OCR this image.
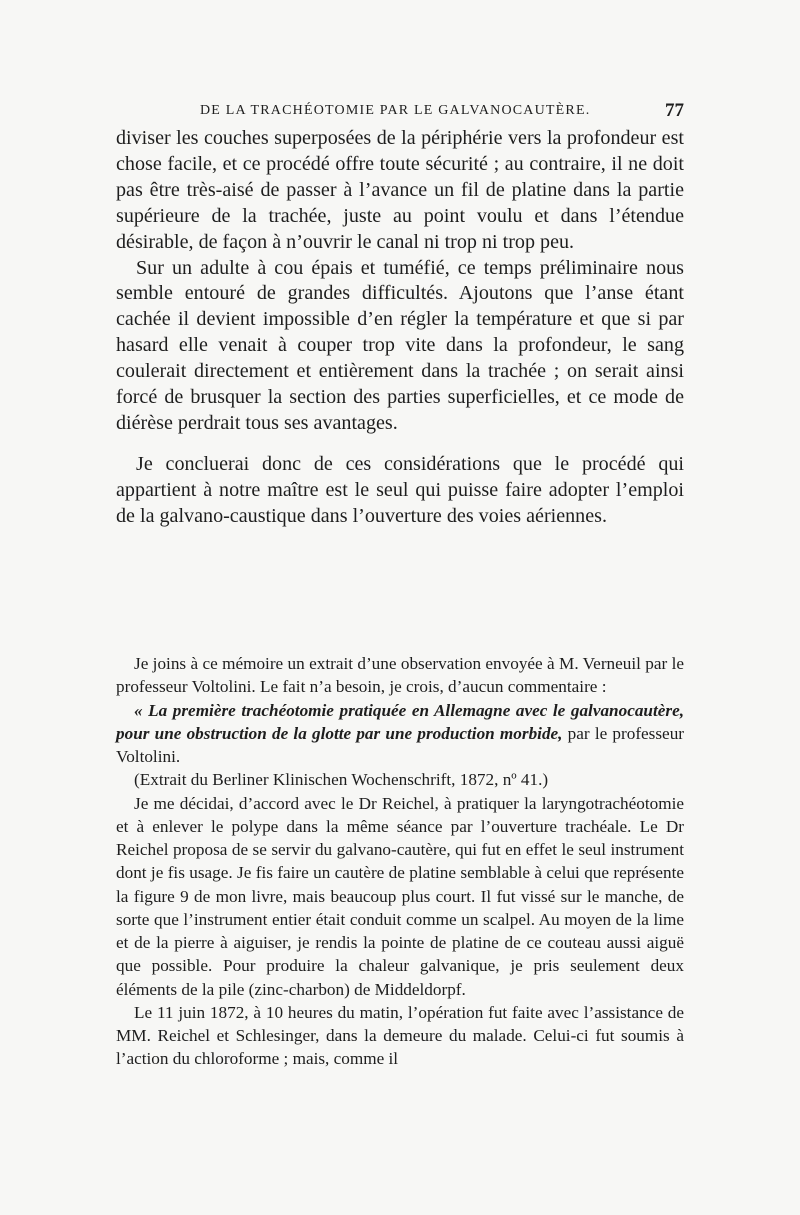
DE LA TRACHÉOTOMIE PAR LE GALVANOCAUTÈRE.	77

diviser les couches superposées de la périphérie vers la profondeur est chose facile, et ce procédé offre toute sécurité ; au contraire, il ne doit pas être très-aisé de passer à l’avance un fil de platine dans la partie supérieure de la trachée, juste au point voulu et dans l’étendue désirable, de façon à n’ouvrir le canal ni trop ni trop peu.

Sur un adulte à cou épais et tuméfié, ce temps préliminaire nous semble entouré de grandes difficultés. Ajoutons que l’anse étant cachée il devient impossible d’en régler la température et que si par hasard elle venait à couper trop vite dans la profondeur, le sang coulerait directement et entièrement dans la trachée ; on serait ainsi forcé de brusquer la section des parties superficielles, et ce mode de diérèse perdrait tous ses avantages.

Je concluerai donc de ces considérations que le procédé qui appartient à notre maître est le seul qui puisse faire adopter l’emploi de la galvano-caustique dans l’ouverture des voies aériennes.

Je joins à ce mémoire un extrait d’une observation envoyée à M. Verneuil par le professeur Voltolini. Le fait n’a besoin, je crois, d’aucun commentaire :

« La première trachéotomie pratiquée en Allemagne avec le galvanocautère, pour une obstruction de la glotte par une production morbide, par le professeur Voltolini.

(Extrait du Berliner Klinischen Wochenschrift, 1872, nº 41.)

Je me décidai, d’accord avec le Dr Reichel, à pratiquer la laryngotrachéotomie et à enlever le polype dans la même séance par l’ouverture trachéale. Le Dr Reichel proposa de se servir du galvano-cautère, qui fut en effet le seul instrument dont je fis usage. Je fis faire un cautère de platine semblable à celui que représente la figure 9 de mon livre, mais beaucoup plus court. Il fut vissé sur le manche, de sorte que l’instrument entier était conduit comme un scalpel. Au moyen de la lime et de la pierre à aiguiser, je rendis la pointe de platine de ce couteau aussi aiguë que possible. Pour produire la chaleur galvanique, je pris seulement deux éléments de la pile (zinc-charbon) de Middeldorpf.

Le 11 juin 1872, à 10 heures du matin, l’opération fut faite avec l’assistance de MM. Reichel et Schlesinger, dans la demeure du malade. Celui-ci fut soumis à l’action du chloroforme ; mais, comme il
